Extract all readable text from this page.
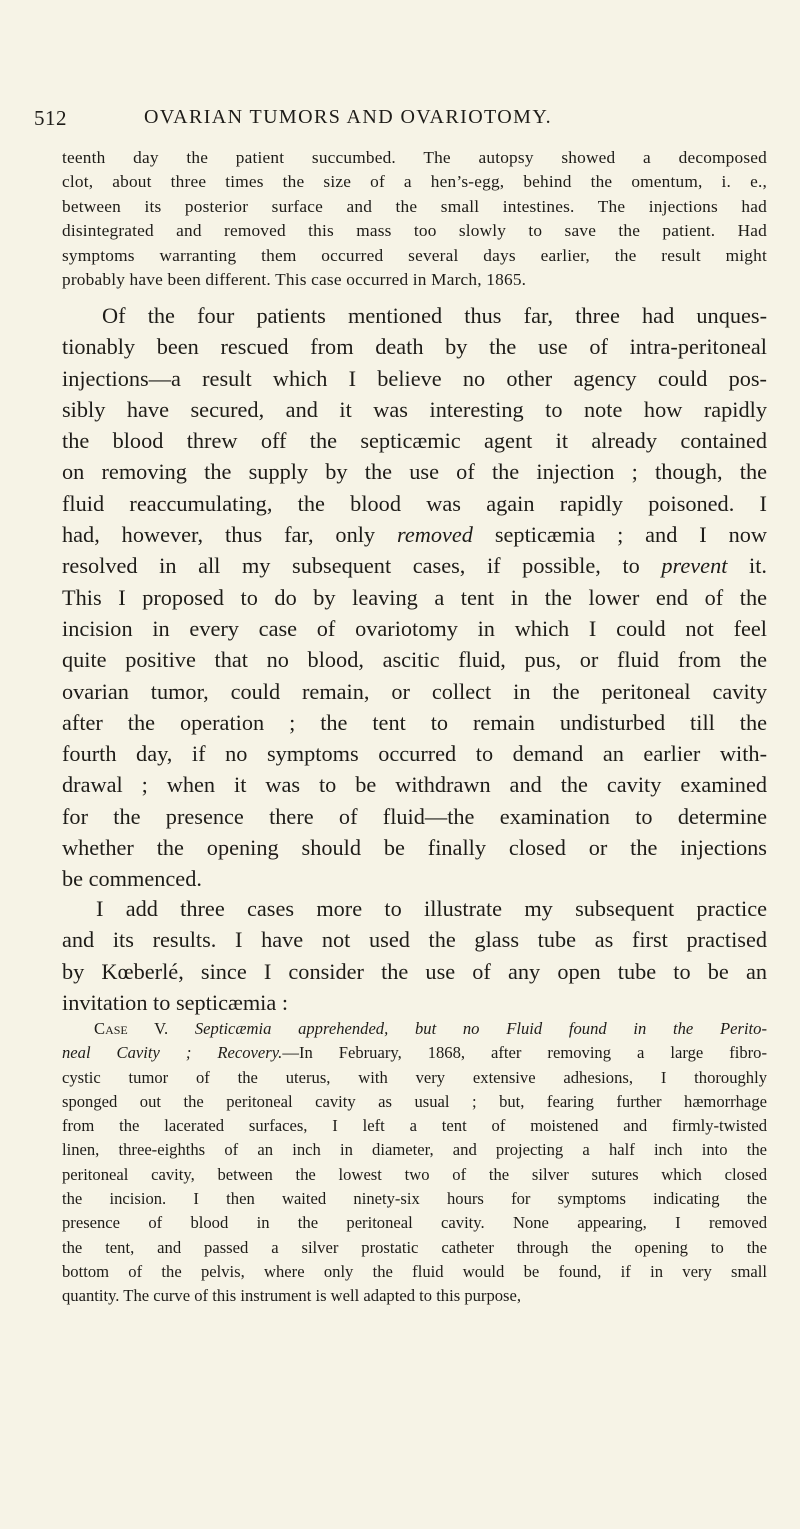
512	OVARIAN TUMORS AND OVARIOTOMY.
teenth day the patient succumbed. The autopsy showed a decomposed
clot, about three times the size of a hen’s-egg, behind the omentum, i. e.,
between its posterior surface and the small intestines. The injections had
disintegrated and removed this mass too slowly to save the patient. Had
symptoms warranting them occurred several days earlier, the result might
probably have been different. This case occurred in March, 1865.
Of the four patients mentioned thus far, three had unques-
tionably been rescued from death by the use of intra-peritoneal
injections—a result which I believe no other agency could pos-
sibly have secured, and it was interesting to note how rapidly
the blood threw off the septicæmic agent it already contained
on removing the supply by the use of the injection ; though, the
fluid reaccumulating, the blood was again rapidly poisoned. I
had, however, thus far, only removed septicæmia ; and I now
resolved in all my subsequent cases, if possible, to prevent it.
This I proposed to do by leaving a tent in the lower end of the
incision in every case of ovariotomy in which I could not feel
quite positive that no blood, ascitic fluid, pus, or fluid from the
ovarian tumor, could remain, or collect in the peritoneal cavity
after the operation ; the tent to remain undisturbed till the
fourth day, if no symptoms occurred to demand an earlier with-
drawal ; when it was to be withdrawn and the cavity examined
for the presence there of fluid—the examination to determine
whether the opening should be finally closed or the injections
be commenced.
I add three cases more to illustrate my subsequent practice
and its results. I have not used the glass tube as first practised
by Kœberlé, since I consider the use of any open tube to be an
invitation to septicæmia :
Case V. Septicæmia apprehended, but no Fluid found in the Perito-
neal Cavity ; Recovery.—In February, 1868, after removing a large fibro-
cystic tumor of the uterus, with very extensive adhesions, I thoroughly
sponged out the peritoneal cavity as usual ; but, fearing further hæmorrhage
from the lacerated surfaces, I left a tent of moistened and firmly-twisted
linen, three-eighths of an inch in diameter, and projecting a half inch into the
peritoneal cavity, between the lowest two of the silver sutures which closed
the incision. I then waited ninety-six hours for symptoms indicating the
presence of blood in the peritoneal cavity. None appearing, I removed
the tent, and passed a silver prostatic catheter through the opening to the
bottom of the pelvis, where only the fluid would be found, if in very small
quantity. The curve of this instrument is well adapted to this purpose,
